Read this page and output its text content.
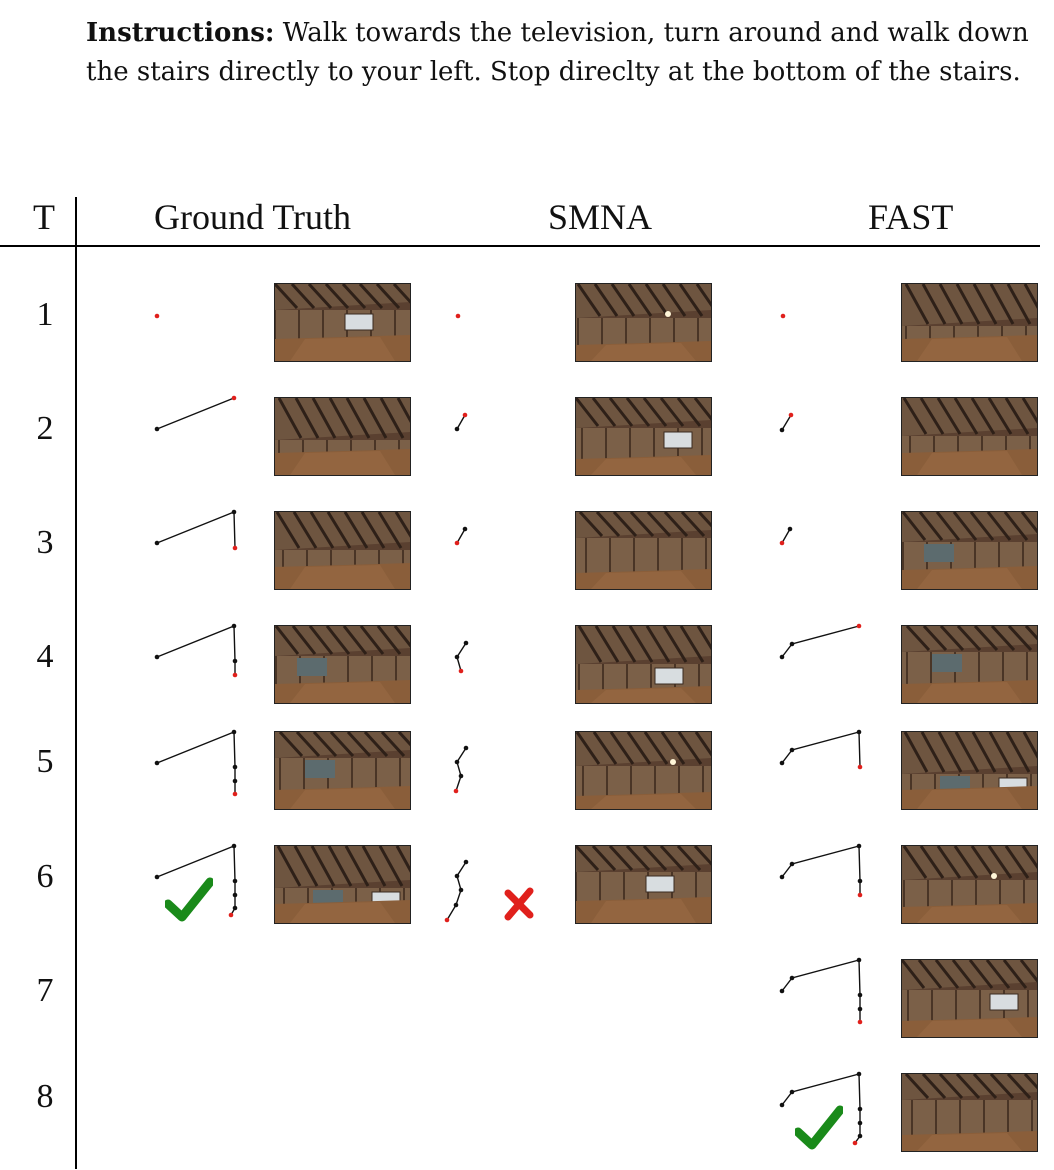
Instructions: Walk towards the television, turn around and walk down the stairs directly to your left. Stop direclty at the bottom of the stairs.
T	Ground Truth	SMNA	FAST
1
2
3
4
5
6
7
8
